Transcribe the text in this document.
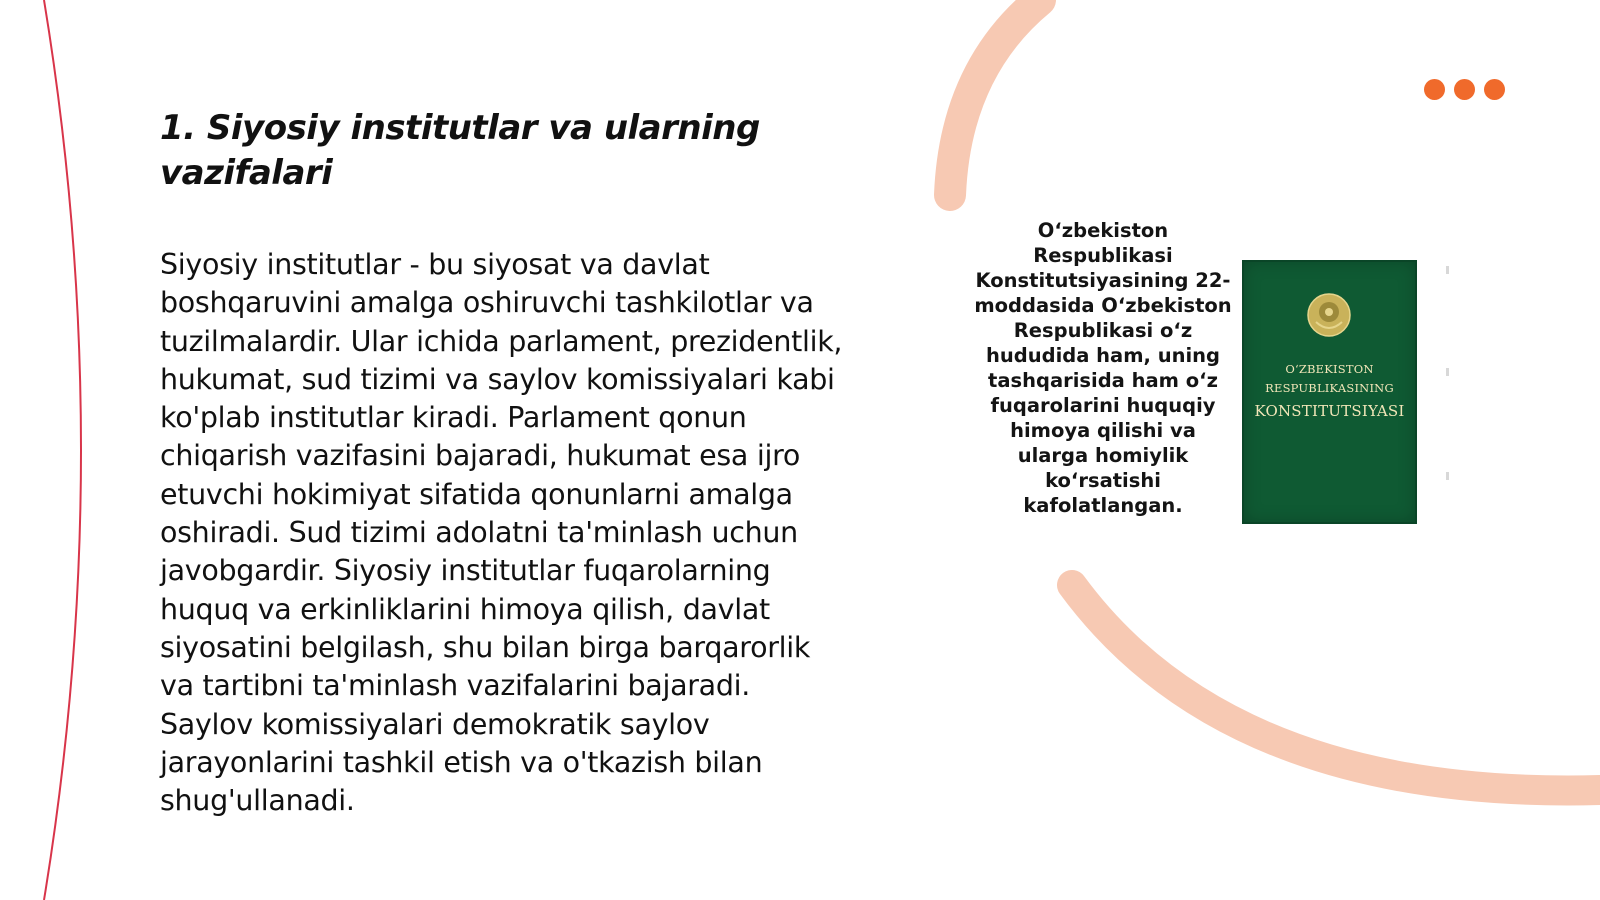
1. Siyosiy institutlar va ularning vazifalari

Siyosiy institutlar - bu siyosat va davlat boshqaruvini amalga oshiruvchi tashkilotlar va tuzilmalardir. Ular ichida parlament, prezidentlik, hukumat, sud tizimi va saylov komissiyalari kabi ko'plab institutlar kiradi. Parlament qonun chiqarish vazifasini bajaradi, hukumat esa ijro etuvchi hokimiyat sifatida qonunlarni amalga oshiradi. Sud tizimi adolatni ta'minlash uchun javobgardir. Siyosiy institutlar fuqarolarning huquq va erkinliklarini himoya qilish, davlat siyosatini belgilash, shu bilan birga barqarorlik va tartibni ta'minlash vazifalarini bajaradi. Saylov komissiyalari demokratik saylov jarayonlarini tashkil etish va o'tkazish bilan shug'ullanadi.

O‘zbekiston Respublikasi Konstitutsiyasining 22-moddasida O‘zbekiston Respublikasi o‘z hududida ham, uning tashqarisida ham o‘z fuqarolarini huquqiy himoya qilishi va ularga homiylik ko‘rsatishi kafolatlangan.

O‘ZBEKISTON
RESPUBLIKASINING
KONSTITUTSIYASI
